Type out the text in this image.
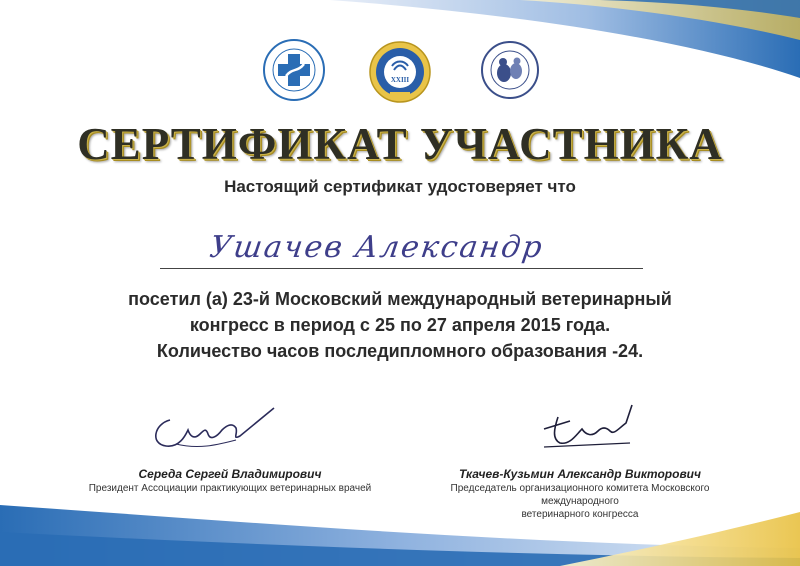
XXIII
СЕРТИФИКАТ УЧАСТНИКА
Настоящий сертификат удостоверяет что
Ушачев Александр
посетил (а) 23-й Московский международный ветеринарный
конгресс в период с 25 по 27 апреля 2015 года.
Количество часов последипломного образования -24.
Середа Сергей Владимирович
Президент Ассоциации практикующих ветеринарных врачей
Ткачев-Кузьмин Александр Викторович
Председатель организационного комитета Московского международного
ветеринарного конгресса
